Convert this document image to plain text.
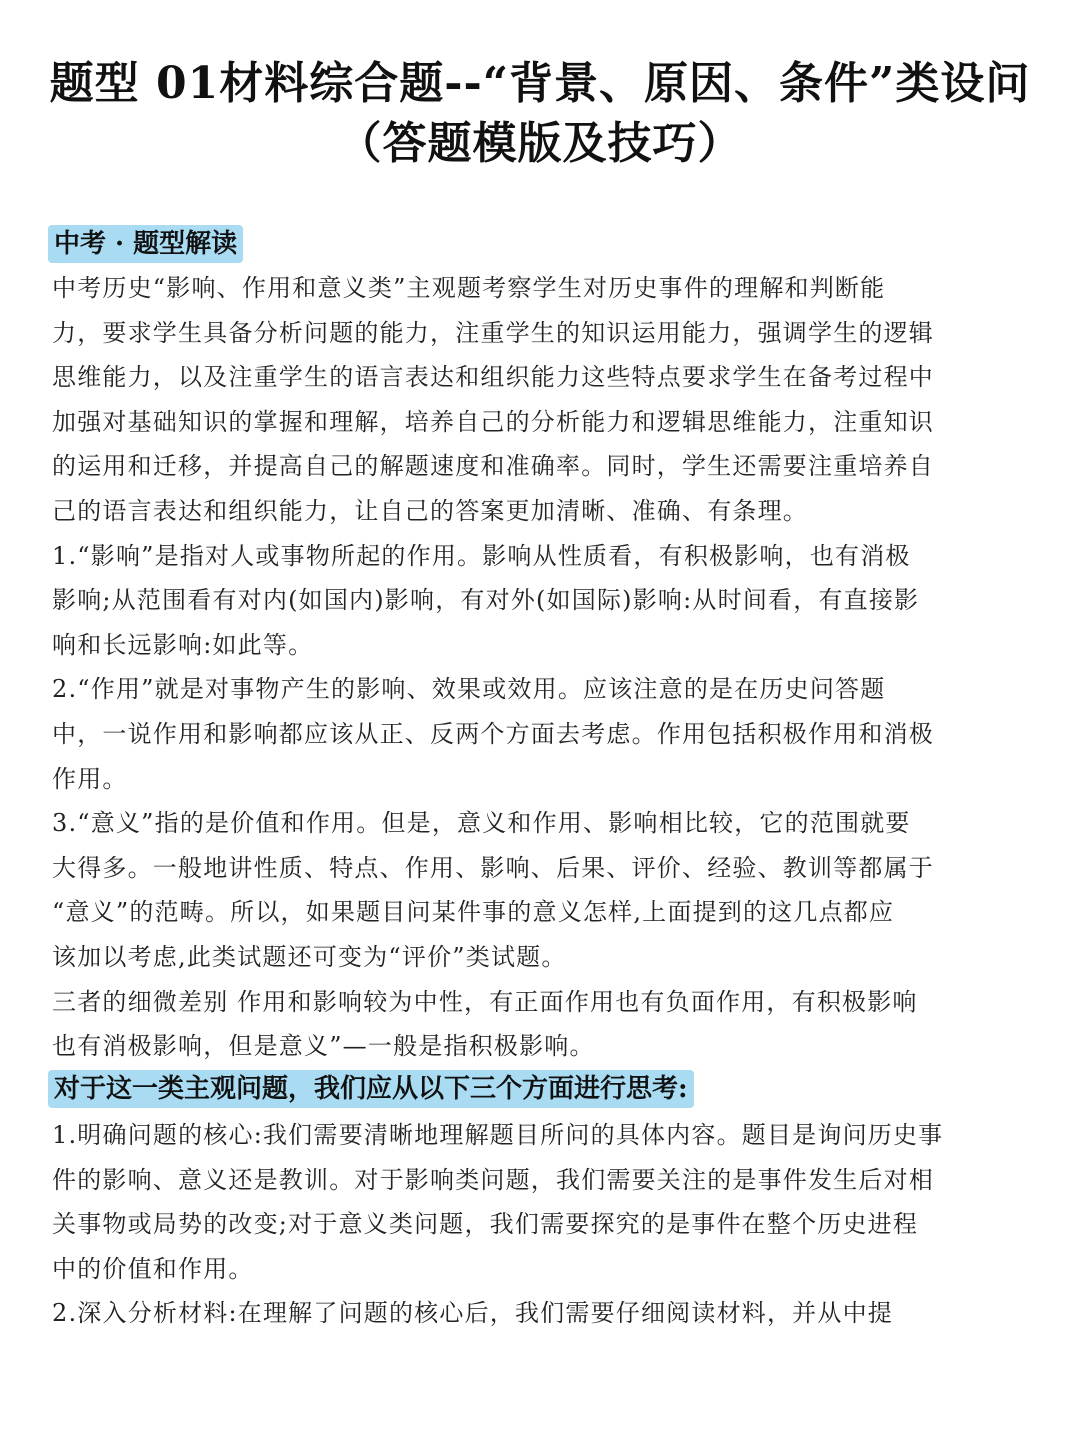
题型 01材料综合题--“背景、原因、条件”类设问
（答题模版及技巧）
中考 · 题型解读
中考历史“影响、作用和意义类”主观题考察学生对历史事件的理解和判断能
力，要求学生具备分析问题的能力，注重学生的知识运用能力，强调学生的逻辑
思维能力，以及注重学生的语言表达和组织能力这些特点要求学生在备考过程中
加强对基础知识的掌握和理解，培养自己的分析能力和逻辑思维能力，注重知识
的运用和迁移，并提高自己的解题速度和准确率。同时，学生还需要注重培养自
己的语言表达和组织能力，让自己的答案更加清晰、准确、有条理。
1.“影响”是指对人或事物所起的作用。影响从性质看，有积极影响，也有消极
影响;从范围看有对内(如国内)影响，有对外(如国际)影响:从时间看，有直接影
响和长远影响:如此等。
2.“作用”就是对事物产生的影响、效果或效用。应该注意的是在历史问答题
中，一说作用和影响都应该从正、反两个方面去考虑。作用包括积极作用和消极
作用。
3.“意义”指的是价值和作用。但是，意义和作用、影响相比较，它的范围就要
大得多。一般地讲性质、特点、作用、影响、后果、评价、经验、教训等都属于
“意义”的范畴。所以，如果题目问某件事的意义怎样,上面提到的这几点都应
该加以考虑,此类试题还可变为“评价”类试题。
三者的细微差别 作用和影响较为中性，有正面作用也有负面作用，有积极影响
也有消极影响，但是意义”—一般是指积极影响。
对于这一类主观问题，我们应从以下三个方面进行思考:
1.明确问题的核心:我们需要清晰地理解题目所问的具体内容。题目是询问历史事
件的影响、意义还是教训。对于影响类问题，我们需要关注的是事件发生后对相
关事物或局势的改变;对于意义类问题，我们需要探究的是事件在整个历史进程
中的价值和作用。
2.深入分析材料:在理解了问题的核心后，我们需要仔细阅读材料，并从中提
